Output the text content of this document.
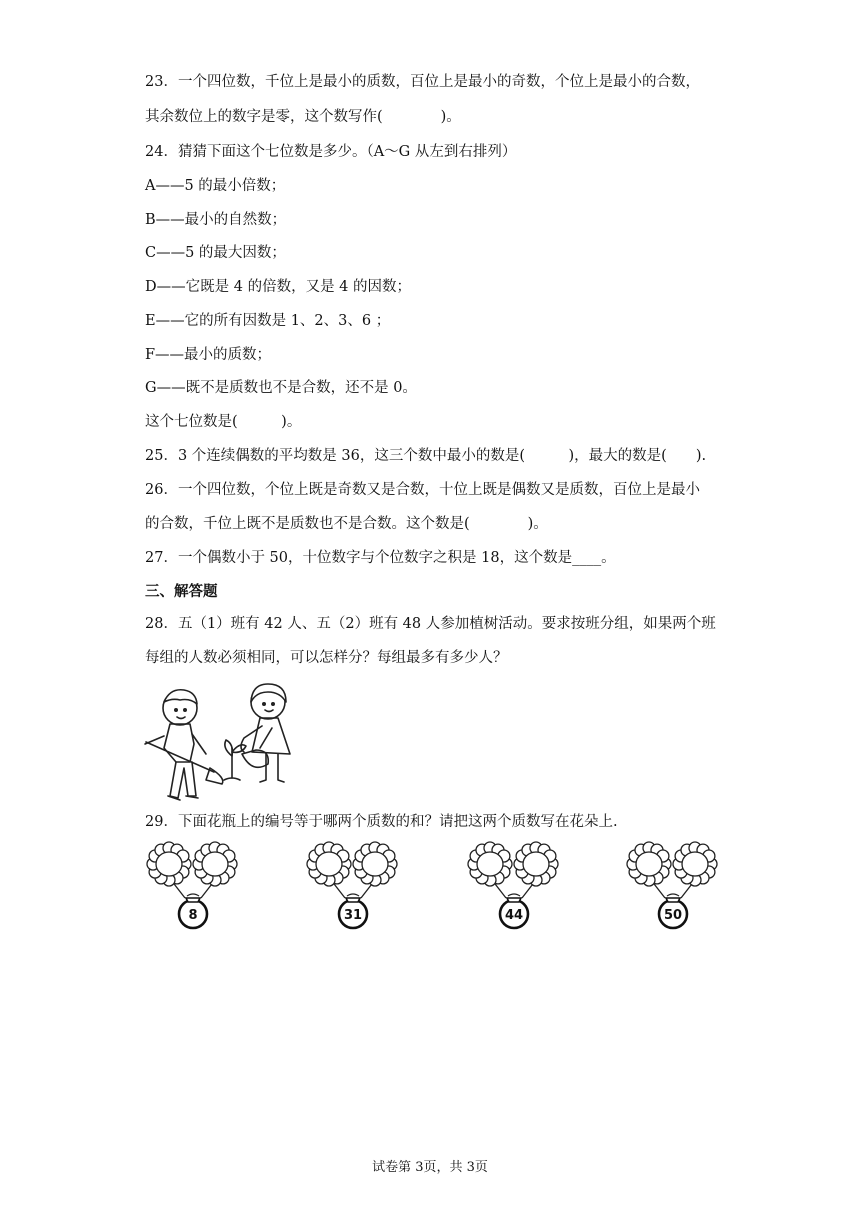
23．一个四位数，千位上是最小的质数，百位上是最小的奇数，个位上是最小的合数，
其余数位上的数字是零，这个数写作(　　　　)。
24．猜猜下面这个七位数是多少。（A～G 从左到右排列）
A——5 的最小倍数；
B——最小的自然数；
C——5 的最大因数；
D——它既是 4 的倍数，又是 4 的因数；
E——它的所有因数是 1、2、3、6 ；
F——最小的质数；
G——既不是质数也不是合数，还不是 0。
这个七位数是(　　　)。
25．3 个连续偶数的平均数是 36，这三个数中最小的数是(　　　)，最大的数是(　　).
26．一个四位数，个位上既是奇数又是合数，十位上既是偶数又是质数，百位上是最小
的合数，千位上既不是质数也不是合数。这个数是(　　　　)。
27．一个偶数小于 50，十位数字与个位数字之积是 18，这个数是____。
三、解答题
28．五（1）班有 42 人、五（2）班有 48 人参加植树活动。要求按班分组，如果两个班
每组的人数必须相同，可以怎样分？每组最多有多少人？
29．下面花瓶上的编号等于哪两个质数的和？请把这两个质数写在花朵上.
8	31	44	50
试卷第 3页，共 3页
